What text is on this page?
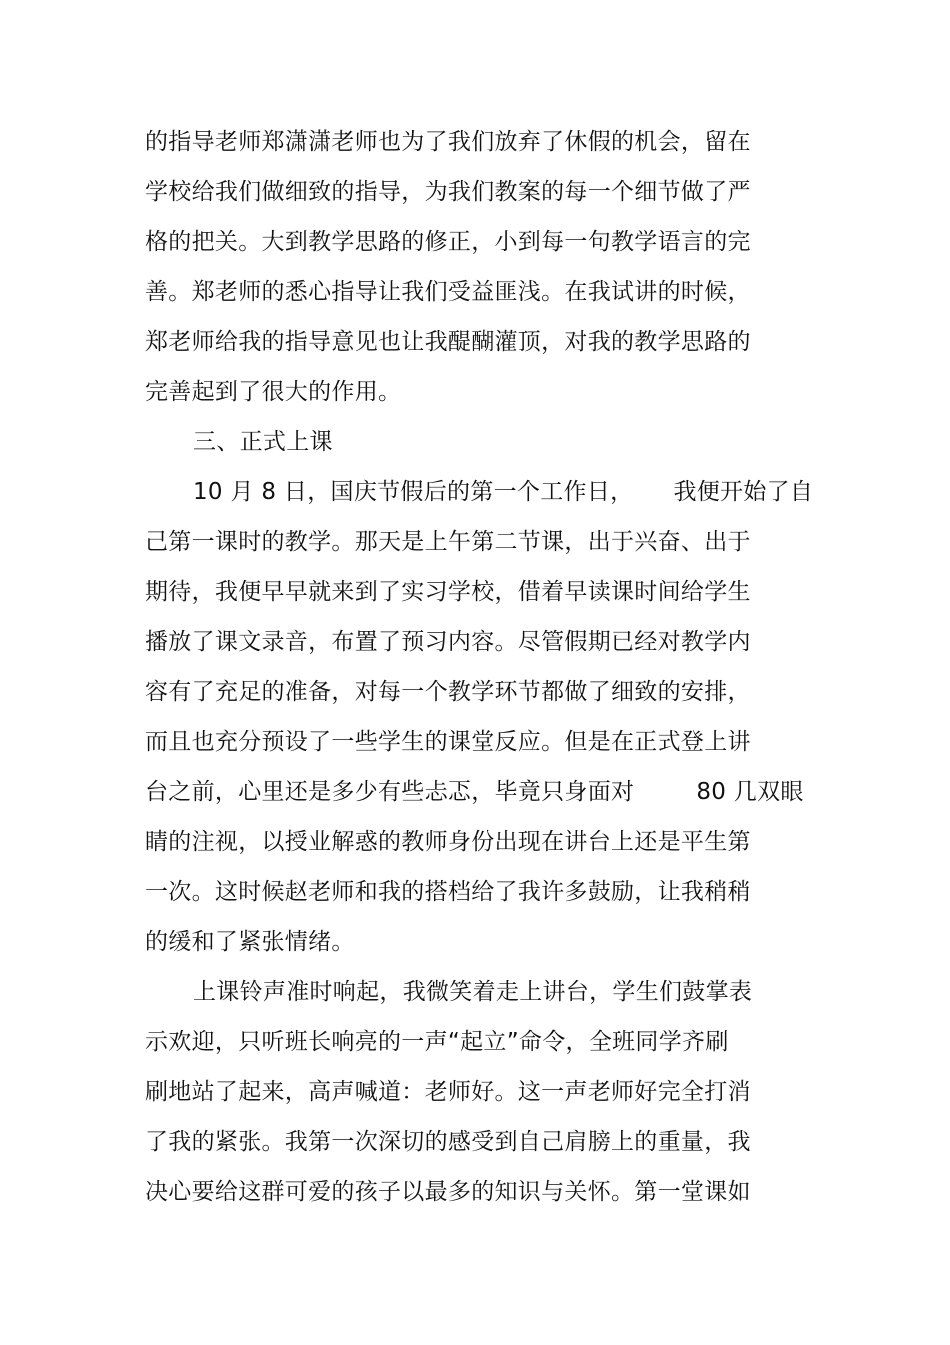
的指导老师郑潇潇老师也为了我们放弃了休假的机会，留在

学校给我们做细致的指导，为我们教案的每一个细节做了严

格的把关。大到教学思路的修正，小到每一句教学语言的完

善。郑老师的悉心指导让我们受益匪浅。在我试讲的时候，

郑老师给我的指导意见也让我醍醐灌顶，对我的教学思路的

完善起到了很大的作用。

三、正式上课

10 月 8 日，国庆节假后的第一个工作日， 我便开始了自

己第一课时的教学。那天是上午第二节课，出于兴奋、出于

期待，我便早早就来到了实习学校，借着早读课时间给学生

播放了课文录音，布置了预习内容。尽管假期已经对教学内

容有了充足的准备，对每一个教学环节都做了细致的安排，

而且也充分预设了一些学生的课堂反应。但是在正式登上讲

台之前，心里还是多少有些忐忑，毕竟只身面对	80 几双眼

睛的注视，以授业解惑的教师身份出现在讲台上还是平生第

一次。这时候赵老师和我的搭档给了我许多鼓励，让我稍稍

的缓和了紧张情绪。

上课铃声准时响起，我微笑着走上讲台，学生们鼓掌表

示欢迎，只听班长响亮的一声“起立”命令，全班同学齐刷

刷地站了起来，高声喊道：老师好。这一声老师好完全打消

了我的紧张。我第一次深切的感受到自己肩膀上的重量，我

决心要给这群可爱的孩子以最多的知识与关怀。第一堂课如
